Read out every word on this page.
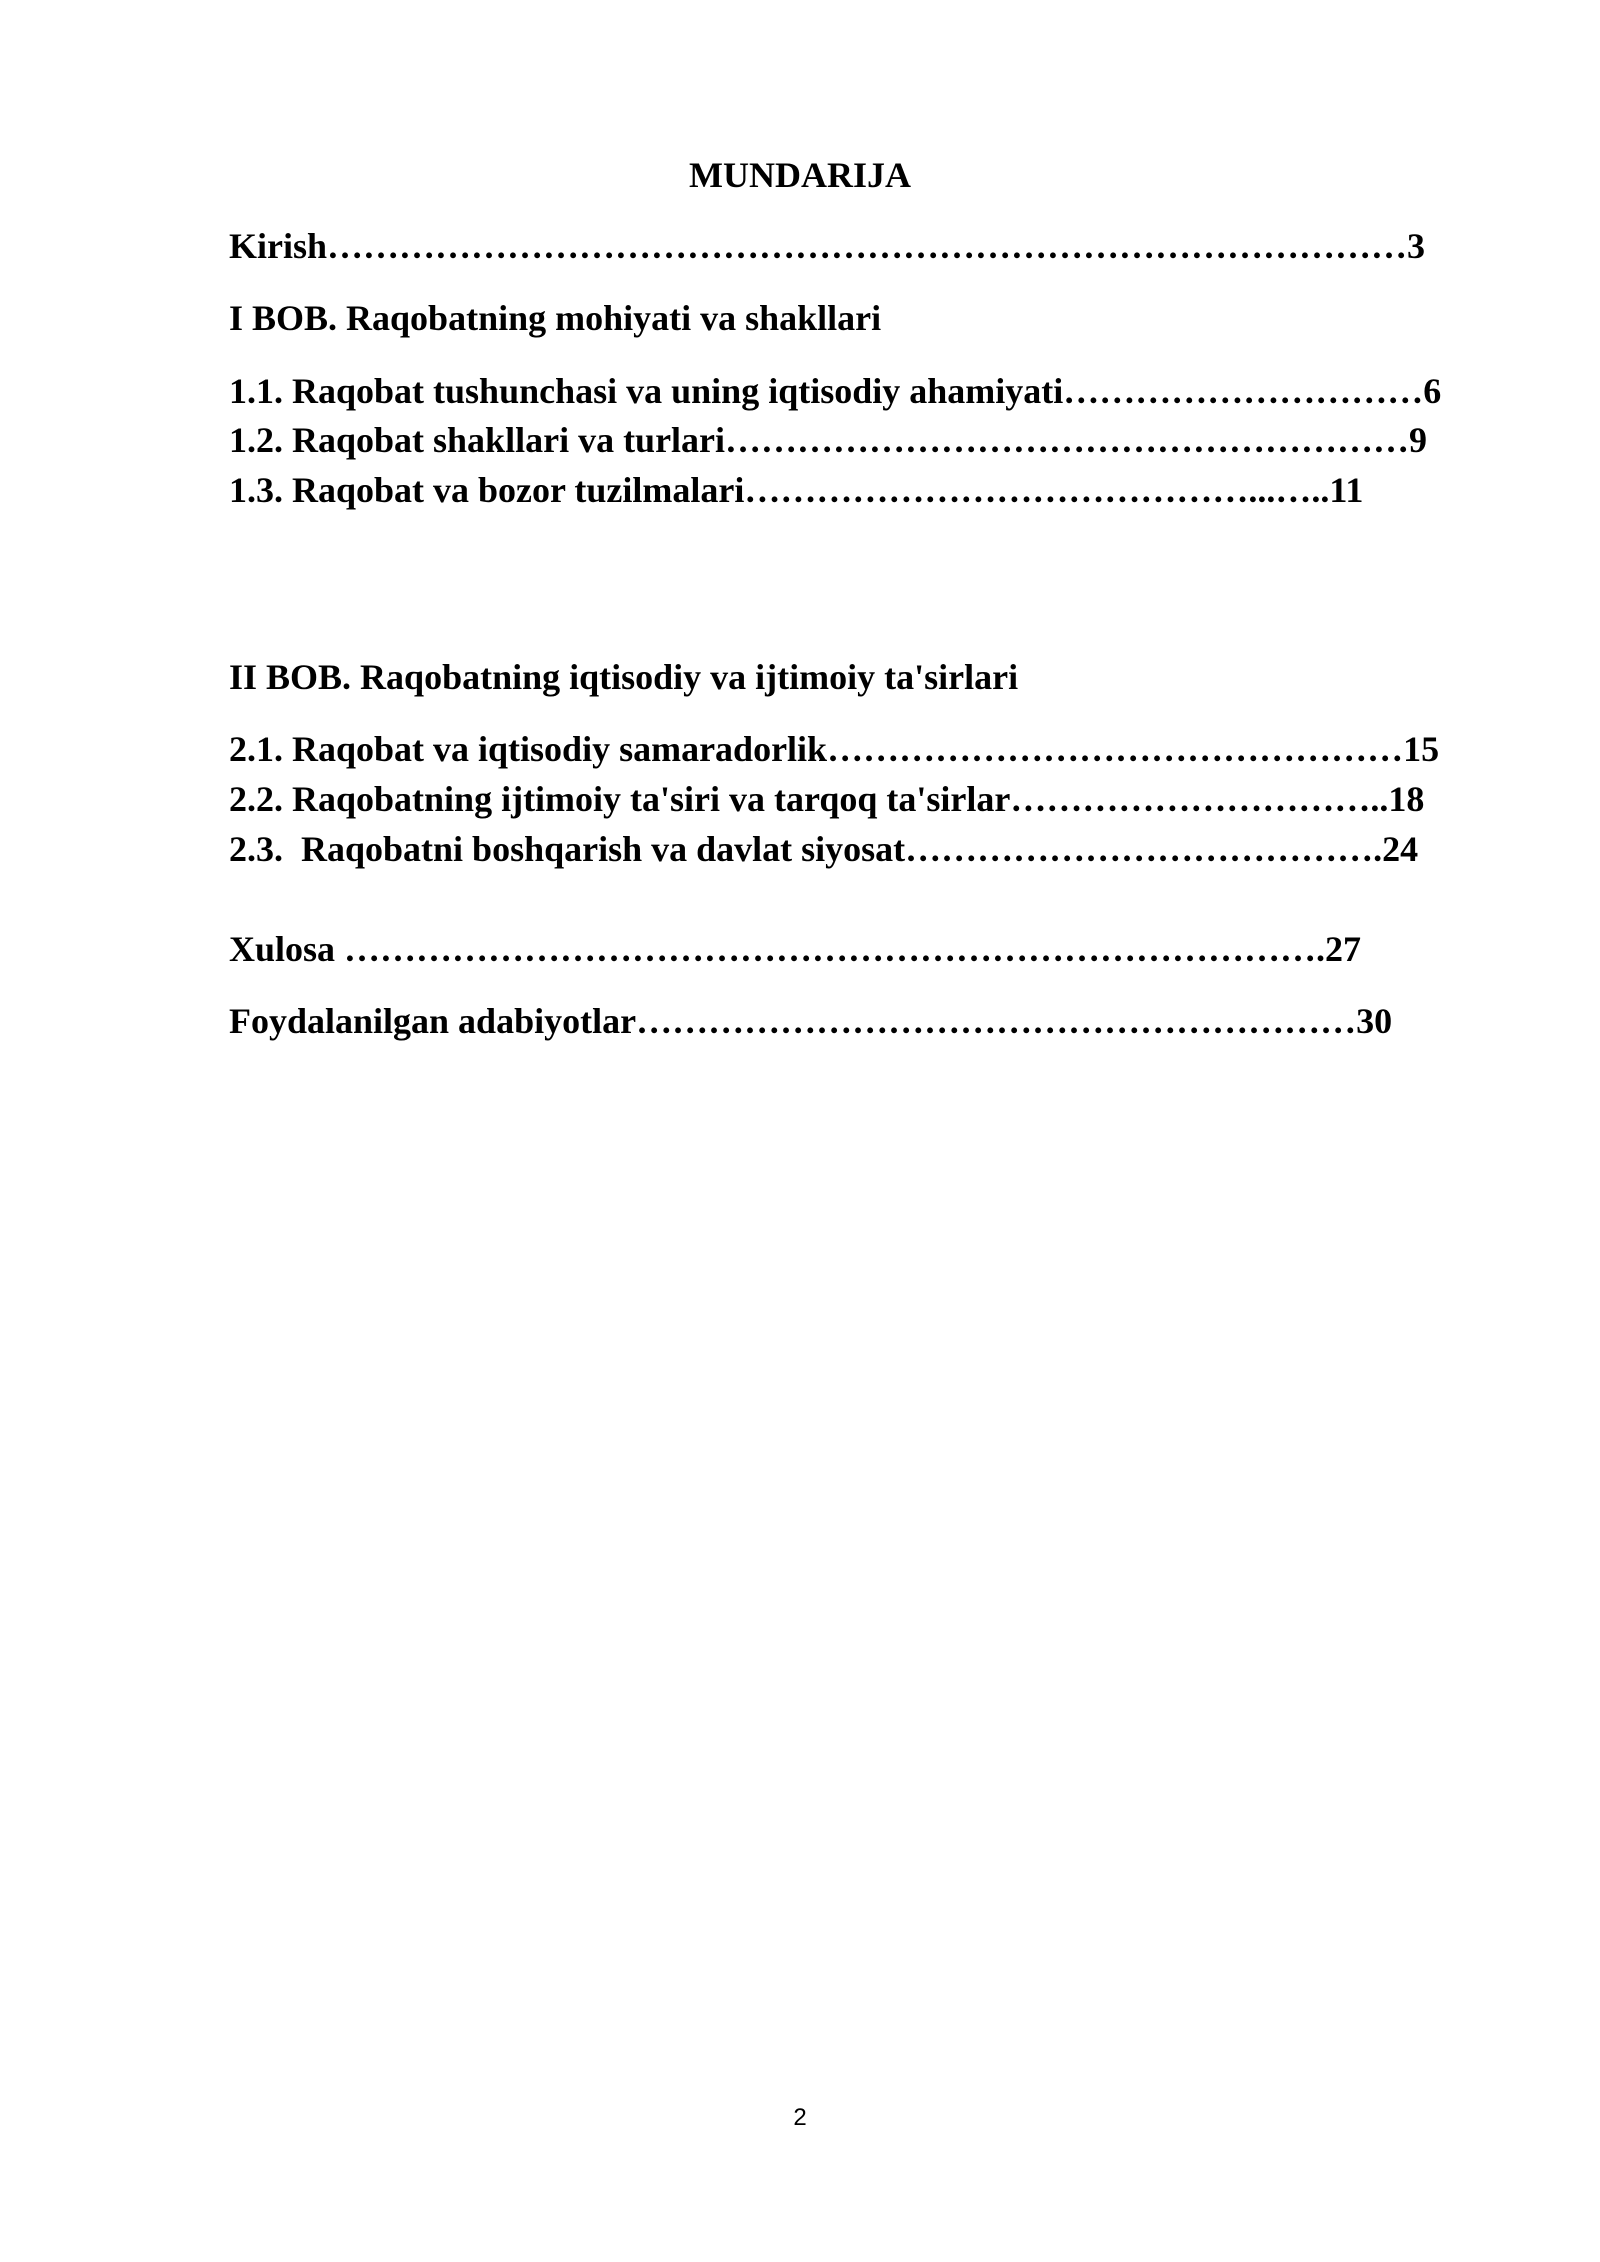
MUNDARIJA
Kirish………………………………………………………………………………3
I BOB. Raqobatning mohiyati va shakllari
1.1. Raqobat tushunchasi va uning iqtisodiy ahamiyati…………………………6
1.2. Raqobat shakllari va turlari…………………………………………………9
1.3. Raqobat va bozor tuzilmalari……………………………………...…..11
II BOB. Raqobatning iqtisodiy va ijtimoiy ta'sirlari
2.1. Raqobat va iqtisodiy samaradorlik…………………………………………15
2.2. Raqobatning ijtimoiy ta'siri va tarqoq ta'sirlar…………………………..18
2.3.  Raqobatni boshqarish va davlat siyosat………………………………….24
Xulosa ……………………………………………………………………….27
Foydalanilgan adabiyotlar……………………………………………………30
2
